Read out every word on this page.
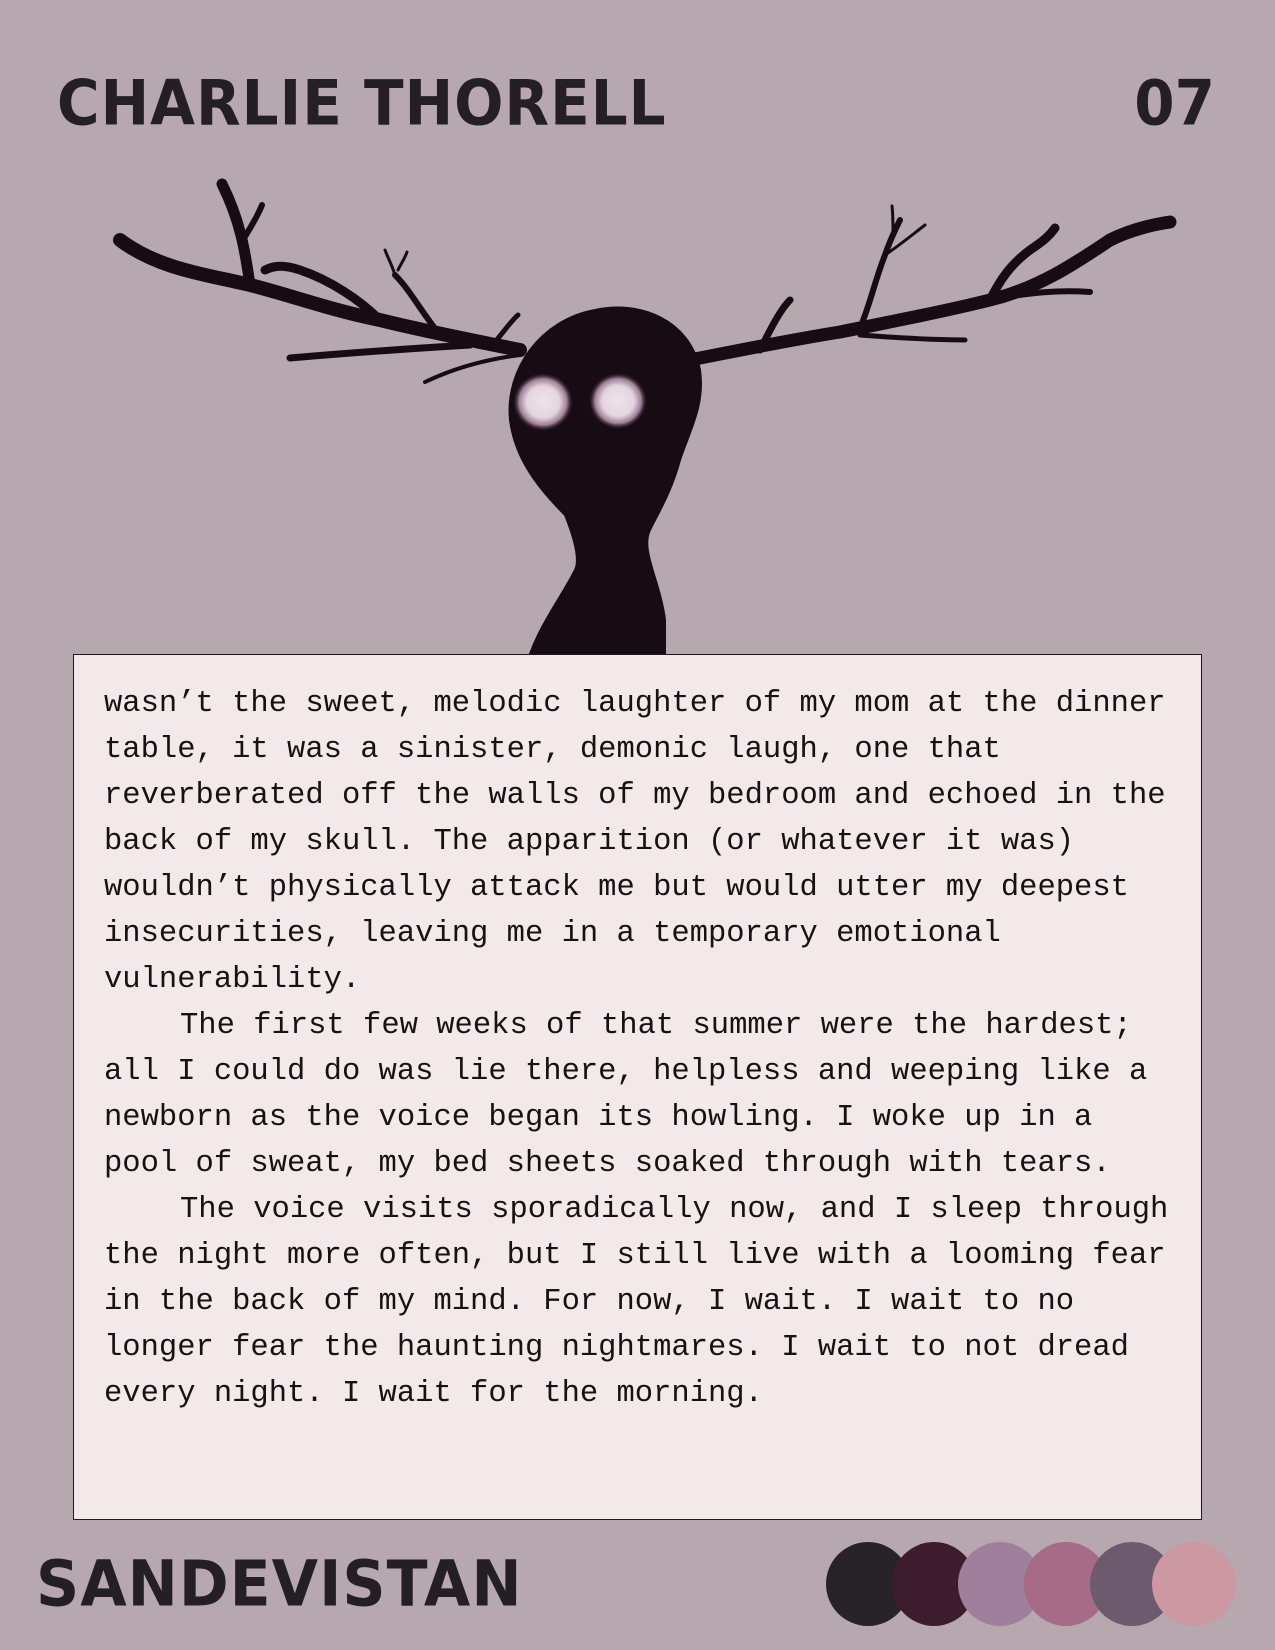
CHARLIE THORELL	07

wasn’t the sweet, melodic laughter of my mom at the dinner table, it was a sinister, demonic laugh, one that reverberated off the walls of my bedroom and echoed in the back of my skull. The apparition (or whatever it was) wouldn’t physically attack me but would utter my deepest insecurities, leaving me in a temporary emotional vulnerability.

The first few weeks of that summer were the hardest; all I could do was lie there, helpless and weeping like a newborn as the voice began its howling. I woke up in a pool of sweat, my bed sheets soaked through with tears.

The voice visits sporadically now, and I sleep through the night more often, but I still live with a looming fear in the back of my mind. For now, I wait. I wait to no longer fear the haunting nightmares. I wait to not dread every night. I wait for the morning.

SANDEVISTAN
